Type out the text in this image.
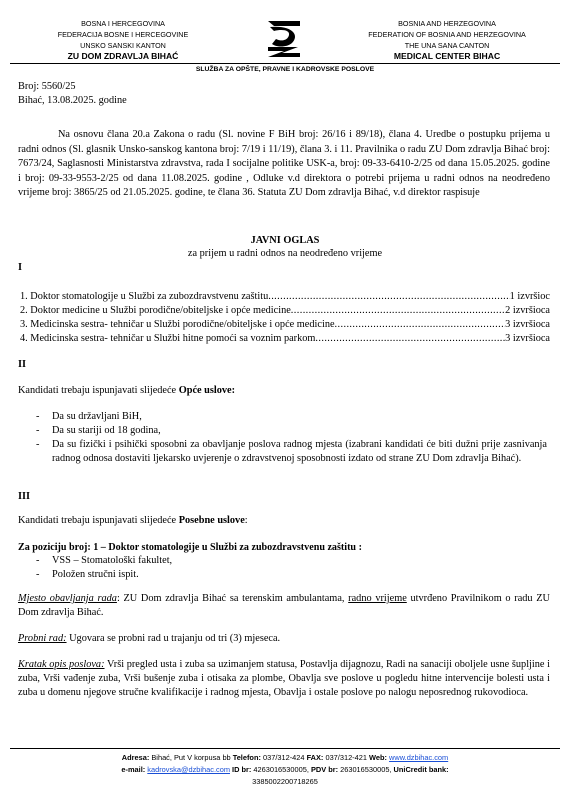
BOSNA I HERCEGOVINA
FEDERACIJA BOSNE I HERCEGOVINE
UNSKO SANSKI KANTON
ZU DOM ZDRAVLJA BIHAĆ
BOSNIA AND HERZEGOVINA
FEDERATION OF BOSNIA AND HERZEGOVINA
THE UNA SANA CANTON
MEDICAL CENTER BIHAC
SLUŽBA ZA OPŠTE, PRAVNE I KADROVSKE POSLOVE
Broj: 5560/25
Bihać, 13.08.2025. godine
Na osnovu člana 20.a Zakona o radu (Sl. novine F BiH broj: 26/16 i 89/18), člana 4. Uredbe o postupku prijema u radni odnos (Sl. glasnik Unsko-sanskog kantona broj: 7/19 i 11/19), člana 3. i 11. Pravilnika o radu ZU Dom zdravlja Bihać broj: 7673/24, Saglasnosti Ministarstva zdravstva, rada I socijalne politike USK-a, broj: 09-33-6410-2/25 od dana 15.05.2025. godine i broj: 09-33-9553-2/25 od dana 11.08.2025. godine , Odluke v.d direktora o potrebi prijema u radni odnos na neodređeno vrijeme broj: 3865/25 od 21.05.2025. godine, te člana 36. Statuta ZU Dom zdravlja Bihać, v.d direktor raspisuje
JAVNI OGLAS
za prijem u radni odnos na neodređeno vrijeme
I
1. Doktor stomatologije u Službi za zubozdravstvenu zaštitu .....	1 izvršioc
2. Doktor medicine u Službi porodične/obiteljske i opće medicine .....	2 izvršioca
3. Medicinska sestra- tehničar u Službi porodične/obiteljske i opće medicine .....	3 izvršioca
4. Medicinska sestra- tehničar u Službi hitne pomoći sa voznim parkom .....	3 izvršioca
II
Kandidati trebaju ispunjavati slijedeće Opće uslove:
- Da su državljani BiH,
- Da su stariji od 18 godina,
- Da su fizički i psihički sposobni za obavljanje poslova radnog mjesta (izabrani kandidati će biti dužni prije zasnivanja radnog odnosa dostaviti ljekarsko uvjerenje o zdravstvenoj sposobnosti izdato od strane ZU Dom zdravlja Bihać).
III
Kandidati trebaju ispunjavati slijedeće Posebne uslove:
Za poziciju broj: 1 – Doktor stomatologije u Službi za zubozdravstvenu zaštitu :
- VSS – Stomatološki fakultet,
- Položen stručni ispit.
Mjesto obavljanja rada: ZU Dom zdravlja Bihać sa terenskim ambulantama, radno vrijeme utvrđeno Pravilnikom o radu ZU Dom zdravlja Bihać.
Probni rad: Ugovara se probni rad u trajanju od tri (3) mjeseca.
Kratak opis poslova: Vrši pregled usta i zuba sa uzimanjem statusa, Postavlja dijagnozu, Radi na sanaciji oboljele usne šupljine i zuba, Vrši vađenje zuba, Vrši bušenje zuba i otisaka za plombe, Obavlja sve poslove u pogledu hitne intervencije bolesti usta i zuba u domenu njegove stručne kvalifikacije i radnog mjesta, Obavlja i ostale poslove po nalogu neposrednog rukovodioca.
Adresa: Bihać, Put V korpusa bb Telefon: 037/312-424 FAX: 037/312-421 Web: www.dzbihac.com
e-mail: kadrovska@dzbihac.com ID br: 4263016530005, PDV br: 263016530005, UniCredit bank:
3385002200718265
